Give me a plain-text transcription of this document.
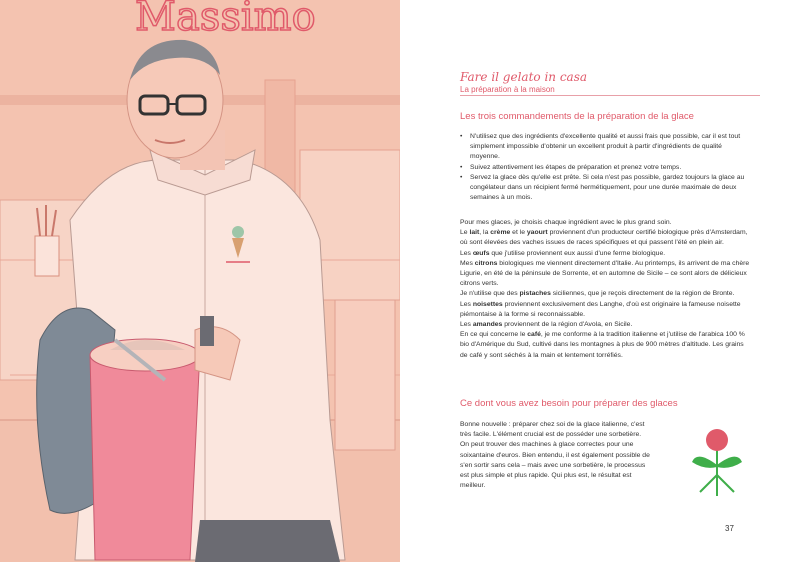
Massimo
Fare il gelato in casa
La préparation à la maison
Les trois commandements de la préparation de la glace
• N'utilisez que des ingrédients d'excellente qualité et aussi frais que possible, car il est tout simplement impossible d'obtenir un excellent produit à partir d'ingrédients de qualité moyenne.
• Suivez attentivement les étapes de préparation et prenez votre temps.
• Servez la glace dès qu'elle est prête. Si cela n'est pas possible, gardez toujours la glace au congélateur dans un récipient fermé hermétiquement, pour une durée maximale de deux semaines à un mois.

Pour mes glaces, je choisis chaque ingrédient avec le plus grand soin.

Le lait, la crème et le yaourt proviennent d'un producteur certifié biologique près d'Amsterdam, où sont élevées des vaches issues de races spécifiques et qui passent l'été en plein air.

Les œufs que j'utilise proviennent eux aussi d'une ferme biologique.

Mes citrons biologiques me viennent directement d'Italie. Au printemps, ils arrivent de ma chère Ligurie, en été de la péninsule de Sorrente, et en automne de Sicile – ce sont alors de délicieux citrons verts.

Je n'utilise que des pistaches siciliennes, que je reçois directement de la région de Bronte.

Les noisettes proviennent exclusivement des Langhe, d'où est originaire la fameuse noisette piémontaise à la forme si reconnaissable.

Les amandes proviennent de la région d'Avola, en Sicile.

En ce qui concerne le café, je me conforme à la tradition italienne et j'utilise de l'arabica 100 % bio d'Amérique du Sud, cultivé dans les montagnes à plus de 900 mètres d'altitude. Les grains de café y sont séchés à la main et lentement torréfiés.

Ce dont vous avez besoin pour préparer des glaces
Bonne nouvelle : préparer chez soi de la glace italienne, c'est très facile. L'élément crucial est de posséder une sorbetière. On peut trouver des machines à glace correctes pour une soixantaine d'euros. Bien entendu, il est également possible de s'en sortir sans cela – mais avec une sorbetière, le processus est plus simple et plus rapide. Qui plus est, le résultat est meilleur.
37
